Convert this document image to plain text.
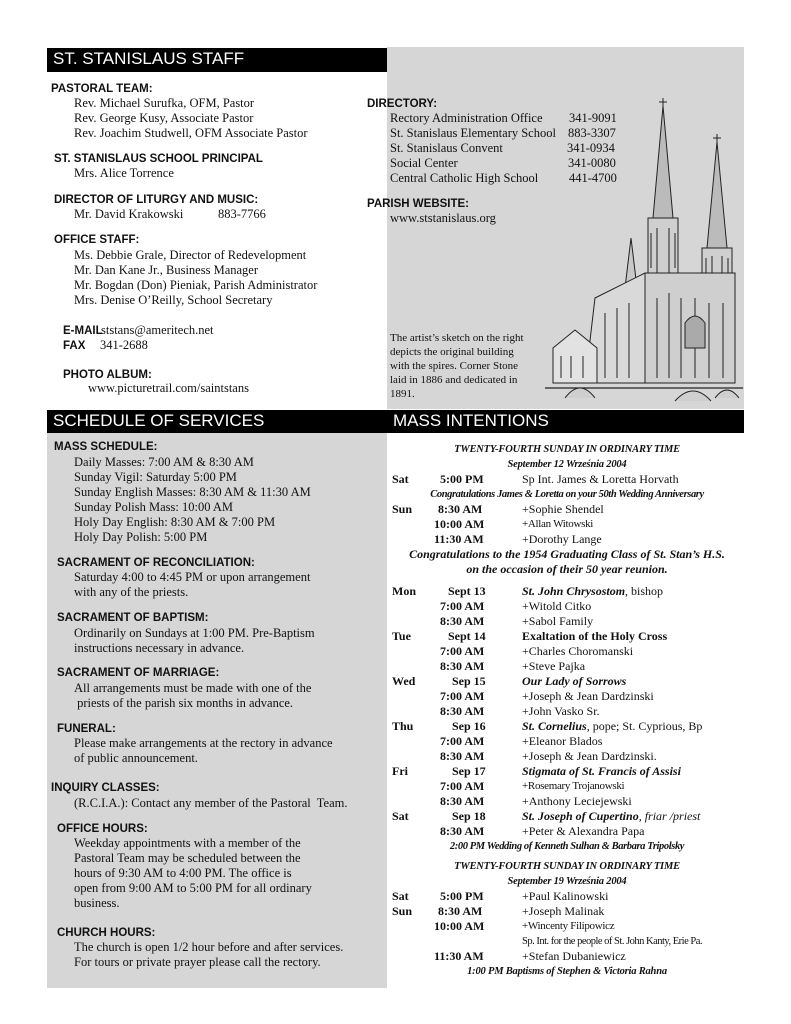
ST. STANISLAUS STAFF
SCHEDULE OF SERVICES	MASS INTENTIONS
PASTORAL TEAM:
Rev. Michael Surufka, OFM, Pastor
Rev. George Kusy, Associate Pastor
Rev. Joachim Studwell, OFM Associate Pastor
ST. STANISLAUS SCHOOL PRINCIPAL
Mrs. Alice Torrence
DIRECTOR OF LITURGY AND MUSIC:
Mr. David Krakowski	883-7766
OFFICE STAFF:
Ms. Debbie Grale, Director of Redevelopment
Mr. Dan Kane Jr., Business Manager
Mr. Bogdan (Don) Pieniak, Parish Administrator
Mrs. Denise O’Reilly, School Secretary
E-MAIL
ststans@ameritech.net
FAX 341-2688
PHOTO ALBUM:
www.picturetrail.com/saintstans
DIRECTORY:
Rectory Administration Office 341-9091
St. Stanislaus Elementary School 883-3307
St. Stanislaus Convent	341-0934
Social Center	341-0080
Central Catholic High School 441-4700
PARISH WEBSITE:
www.ststanislaus.org
The artist’s sketch on the right
depicts the original building
with the spires. Corner Stone
laid in 1886 and dedicated in
1891.
MASS SCHEDULE:
Daily Masses: 7:00 AM & 8:30 AM
Sunday Vigil: Saturday 5:00 PM
Sunday English Masses: 8:30 AM & 11:30 AM
Sunday Polish Mass: 10:00 AM
Holy Day English: 8:30 AM & 7:00 PM
Holy Day Polish: 5:00 PM
SACRAMENT OF RECONCILIATION:
Saturday 4:00 to 4:45 PM or upon arrangement
with any of the priests.
SACRAMENT OF BAPTISM:
Ordinarily on Sundays at 1:00 PM. Pre-Baptism
instructions necessary in advance.
SACRAMENT OF MARRIAGE:
All arrangements must be made with one of the
priests of the parish six months in advance.
FUNERAL:
Please make arrangements at the rectory in advance
of public announcement.
INQUIRY CLASSES:
(R.C.I.A.): Contact any member of the Pastoral  Team.
OFFICE HOURS:
Weekday appointments with a member of the
Pastoral Team may be scheduled between the
hours of 9:30 AM to 4:00 PM. The office is
open from 9:00 AM to 5:00 PM for all ordinary
business.
CHURCH HOURS:
The church is open 1/2 hour before and after services.
For tours or private prayer please call the rectory.
TWENTY-FOURTH SUNDAY IN ORDINARY TIME
September 12 Września 2004
Sat	5:00 PM	Sp Int. James & Loretta Horvath
Congratulations James & Loretta on your 50th Wedding Anniversary
Sun 8:30 AM	+Sophie Shendel
10:00 AM	+Allan Witowski
11:30 AM	+Dorothy Lange
Congratulations to the 1954 Graduating Class of St. Stan’s H.S.
on the occasion of their 50 year reunion.
Mon	Sept 13	St. John Chrysostom, bishop
7:00 AM	+Witold Citko
8:30 AM	+Sabol Family
Tue	Sept 14	Exaltation of the Holy Cross
7:00 AM	+Charles Choromanski
8:30 AM	+Steve Pajka
Wed	Sep 15	Our Lady of Sorrows
7:00 AM	+Joseph & Jean Dardzinski
8:30 AM	+John Vasko Sr.
Thu	Sep 16	St. Cornelius, pope; St. Cyprious, Bp
7:00 AM	+Eleanor Blados
8:30 AM	+Joseph & Jean Dardzinski.
Fri	Sep 17	Stigmata of St. Francis of Assisi
7:00 AM	+Rosemary Trojanowski
8:30 AM	+Anthony Leciejewski
Sat	Sep 18	St. Joseph of Cupertino, friar /priest
8:30 AM	+Peter & Alexandra Papa
2:00 PM Wedding of Kenneth Sulhan & Barbara Tripolsky
TWENTY-FOURTH SUNDAY IN ORDINARY TIME
September 19 Września 2004
Sat	5:00 PM	+Paul Kalinowski
Sun 8:30 AM	+Joseph Malinak
10:00 AM	+Wincenty Filipowicz
Sp. Int. for the people of St. John Kanty, Erie Pa.
11:30 AM	+Stefan Dubaniewicz
1:00 PM Baptisms of Stephen & Victoria Rahna
